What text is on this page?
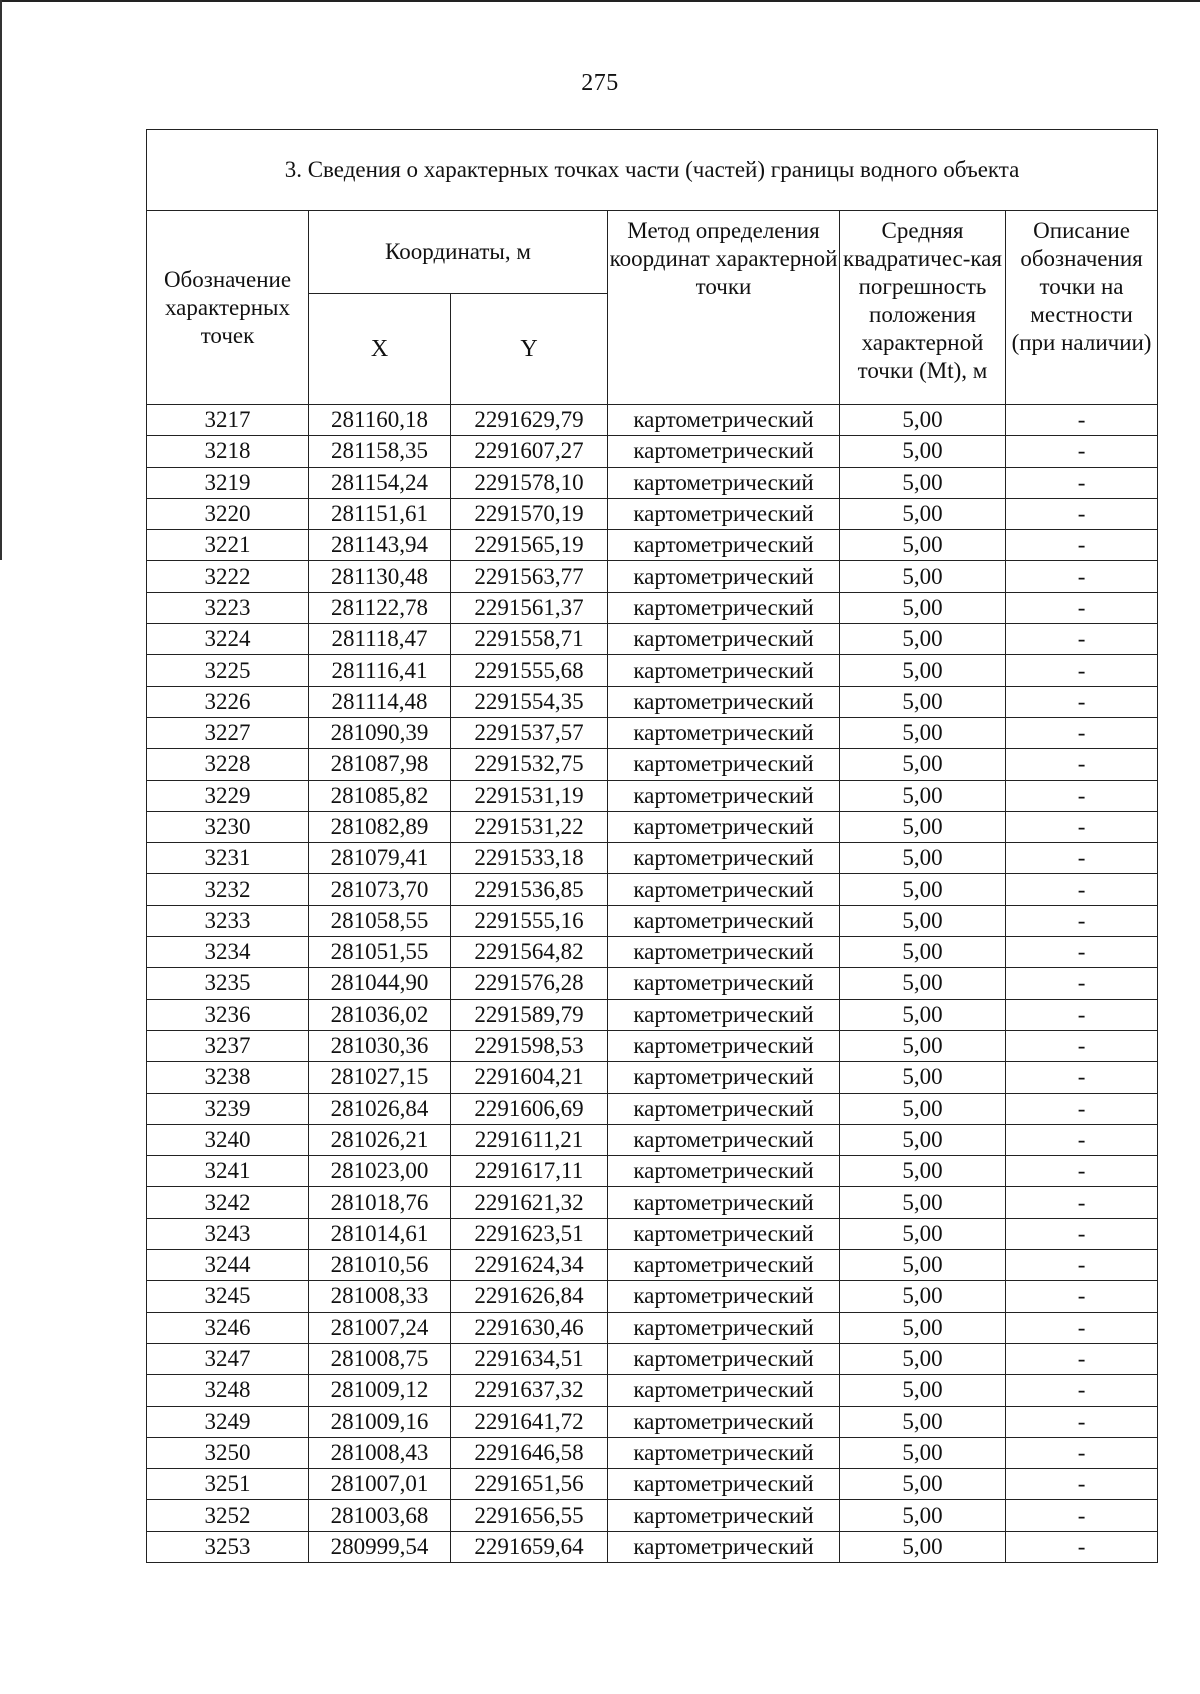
275
3. Сведения о характерных точках части (частей) границы водного объекта					
Обозначение характерных точек	Координаты, м		Метод определения координат характерной точки	Средняя квадратичес-кая погрешность положения характерной точки (Mt), м	Описание обозначения точки на местности (при наличии)
	X	Y			
3217	281160,18	2291629,79	картометрический	5,00	-
3218	281158,35	2291607,27	картометрический	5,00	-
3219	281154,24	2291578,10	картометрический	5,00	-
3220	281151,61	2291570,19	картометрический	5,00	-
3221	281143,94	2291565,19	картометрический	5,00	-
3222	281130,48	2291563,77	картометрический	5,00	-
3223	281122,78	2291561,37	картометрический	5,00	-
3224	281118,47	2291558,71	картометрический	5,00	-
3225	281116,41	2291555,68	картометрический	5,00	-
3226	281114,48	2291554,35	картометрический	5,00	-
3227	281090,39	2291537,57	картометрический	5,00	-
3228	281087,98	2291532,75	картометрический	5,00	-
3229	281085,82	2291531,19	картометрический	5,00	-
3230	281082,89	2291531,22	картометрический	5,00	-
3231	281079,41	2291533,18	картометрический	5,00	-
3232	281073,70	2291536,85	картометрический	5,00	-
3233	281058,55	2291555,16	картометрический	5,00	-
3234	281051,55	2291564,82	картометрический	5,00	-
3235	281044,90	2291576,28	картометрический	5,00	-
3236	281036,02	2291589,79	картометрический	5,00	-
3237	281030,36	2291598,53	картометрический	5,00	-
3238	281027,15	2291604,21	картометрический	5,00	-
3239	281026,84	2291606,69	картометрический	5,00	-
3240	281026,21	2291611,21	картометрический	5,00	-
3241	281023,00	2291617,11	картометрический	5,00	-
3242	281018,76	2291621,32	картометрический	5,00	-
3243	281014,61	2291623,51	картометрический	5,00	-
3244	281010,56	2291624,34	картометрический	5,00	-
3245	281008,33	2291626,84	картометрический	5,00	-
3246	281007,24	2291630,46	картометрический	5,00	-
3247	281008,75	2291634,51	картометрический	5,00	-
3248	281009,12	2291637,32	картометрический	5,00	-
3249	281009,16	2291641,72	картометрический	5,00	-
3250	281008,43	2291646,58	картометрический	5,00	-
3251	281007,01	2291651,56	картометрический	5,00	-
3252	281003,68	2291656,55	картометрический	5,00	-
3253	280999,54	2291659,64	картометрический	5,00	-
